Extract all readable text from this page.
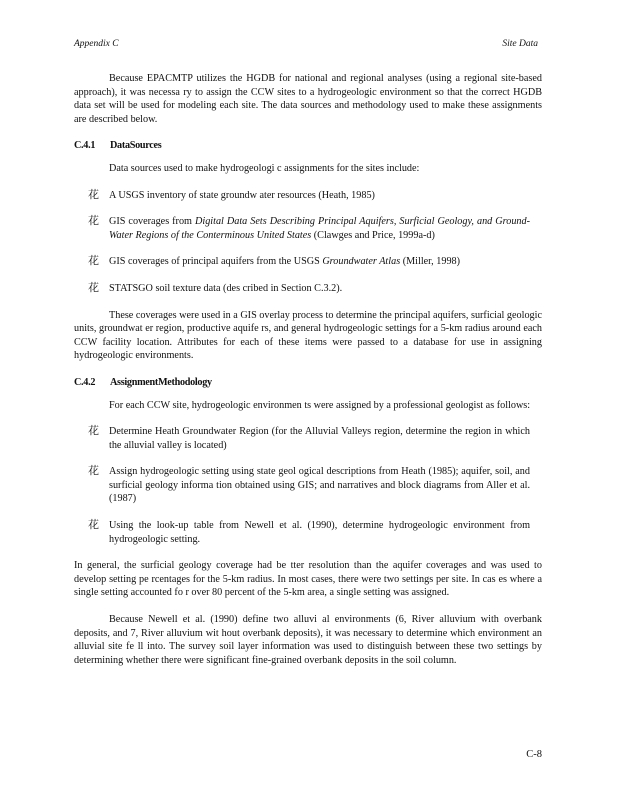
Appendix C	Site Data

Because EPACMTP utilizes the HGDB for national and regional analyses (using a regional site-based approach), it was necessa ry to assign the CCW sites to a hydrogeologic environment so that the correct HGDB data set will be used for modeling each site. The data sources and methodology used to make these assignments are described below.

C.4.1	DataSources
Data sources used to make hydrogeologi c assignments for the sites include:
花 A USGS inventory of state groundw ater resources (Heath, 1985)
花 GIS coverages from Digital Data Sets Describing Principal Aquifers, Surficial Geology, and Ground-Water Regions of the Conterminous United States (Clawges and Price, 1999a-d)
花 GIS coverages of principal aquifers from the USGS Groundwater Atlas (Miller, 1998)
花 STATSGO soil texture data (des cribed in Section C.3.2).

These coverages were used in a GIS overlay process to determine the principal aquifers, surficial geologic units, groundwat er region, productive aquife rs, and general hydrogeologic settings for a 5-km radius around each CCW facility location. Attributes for each of these items were passed to a database for use in assigning hydrogeologic environments.

C.4.2	AssignmentMethodology

For each CCW site, hydrogeologic environmen ts were assigned by a professional geologist as follows:

花 Determine Heath Groundwater Region (for the Alluvial Valleys region, determine the region in which the alluvial valley is located)
花 Assign hydrogeologic setting using state geol ogical descriptions from Heath (1985); aquifer, soil, and surficial geology informa tion obtained using GIS; and narratives and block diagrams from Aller et al. (1987)
花 Using the look-up table from Newell et al. (1990), determine hydrogeologic environment from hydrogeologic setting.

In general, the surficial geology coverage had be tter resolution than the aquifer coverages and was used to develop setting pe rcentages for the 5-km radius. In most cases, there were two settings per site. In cas es where a single setting accounted fo r over 80 percent of the 5-km area, a single setting was assigned.

Because Newell et al. (1990) define two alluvi al environments (6, River alluvium with overbank deposits, and 7, River alluvium wit hout overbank deposits), it was necessary to determine which environment an alluvial site fe ll into. The survey soil layer information was used to distinguish between these two settings by determining whether there were significant fine-grained overbank deposits in the soil column.

C-8
